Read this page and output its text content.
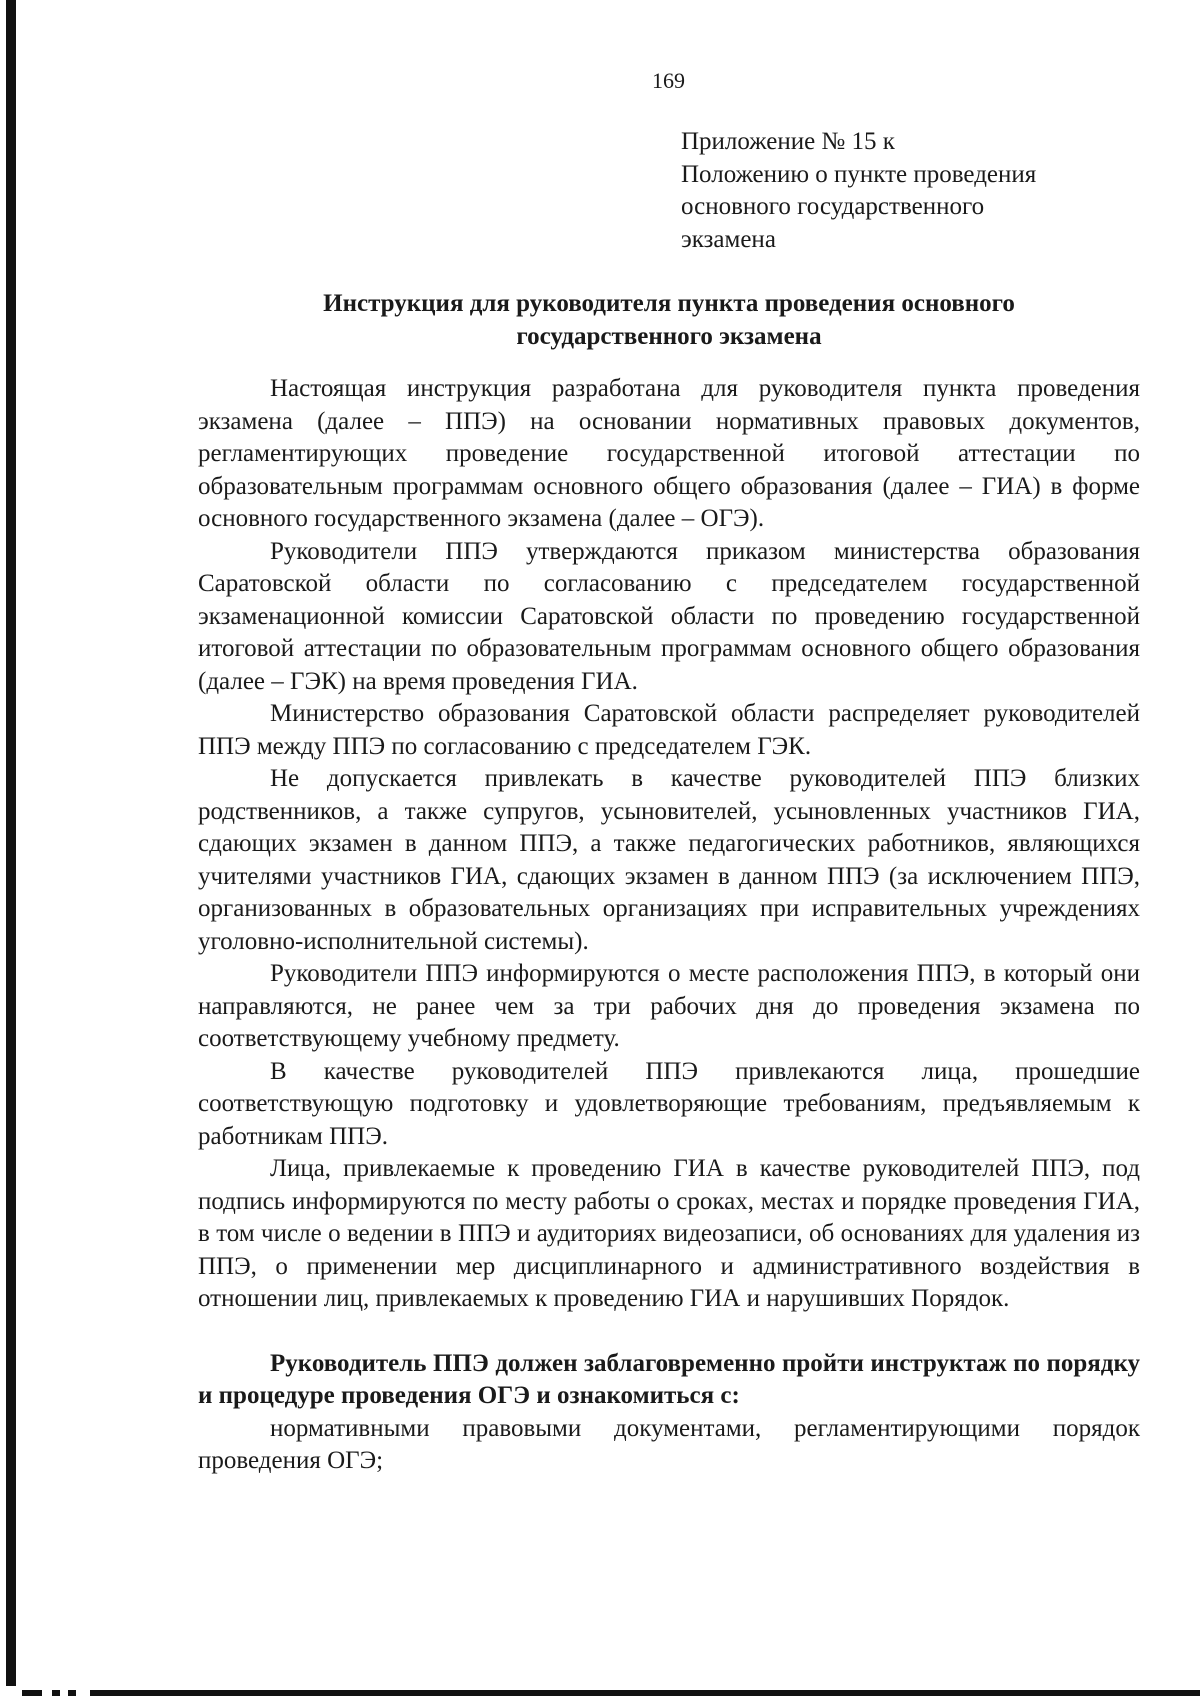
169
Приложение № 15 к
Положению о пункте проведения
основного государственного
экзамена
Инструкция для руководителя пункта проведения основного
государственного экзамена

Настоящая инструкция разработана для руководителя пункта проведения экзамена (далее – ППЭ) на основании нормативных правовых документов, регламентирующих проведение государственной итоговой аттестации по образовательным программам основного общего образования (далее – ГИА) в форме основного государственного экзамена (далее – ОГЭ).

Руководители ППЭ утверждаются приказом министерства образования Саратовской области по согласованию с председателем государственной экзаменационной комиссии Саратовской области по проведению государственной итоговой аттестации по образовательным программам основного общего образования (далее – ГЭК) на время проведения ГИА.

Министерство образования Саратовской области распределяет руководителей ППЭ между ППЭ по согласованию с председателем ГЭК.

Не допускается привлекать в качестве руководителей ППЭ близких родственников, а также супругов, усыновителей, усыновленных участников ГИА, сдающих экзамен в данном ППЭ, а также педагогических работников, являющихся учителями участников ГИА, сдающих экзамен в данном ППЭ (за исключением ППЭ, организованных в образовательных организациях при исправительных учреждениях уголовно-исполнительной системы).

Руководители ППЭ информируются о месте расположения ППЭ, в который они направляются, не ранее чем за три рабочих дня до проведения экзамена по соответствующему учебному предмету.

В качестве руководителей ППЭ привлекаются лица, прошедшие соответствующую подготовку и удовлетворяющие требованиям, предъявляемым к работникам ППЭ.

Лица, привлекаемые к проведению ГИА в качестве руководителей ППЭ, под подпись информируются по месту работы о сроках, местах и порядке проведения ГИА, в том числе о ведении в ППЭ и аудиториях видеозаписи, об основаниях для удаления из ППЭ, о применении мер дисциплинарного и административного воздействия в отношении лиц, привлекаемых к проведению ГИА и нарушивших Порядок.

Руководитель ППЭ должен заблаговременно пройти инструктаж по порядку и процедуре проведения ОГЭ и ознакомиться с:

нормативными правовыми документами, регламентирующими порядок проведения ОГЭ;
